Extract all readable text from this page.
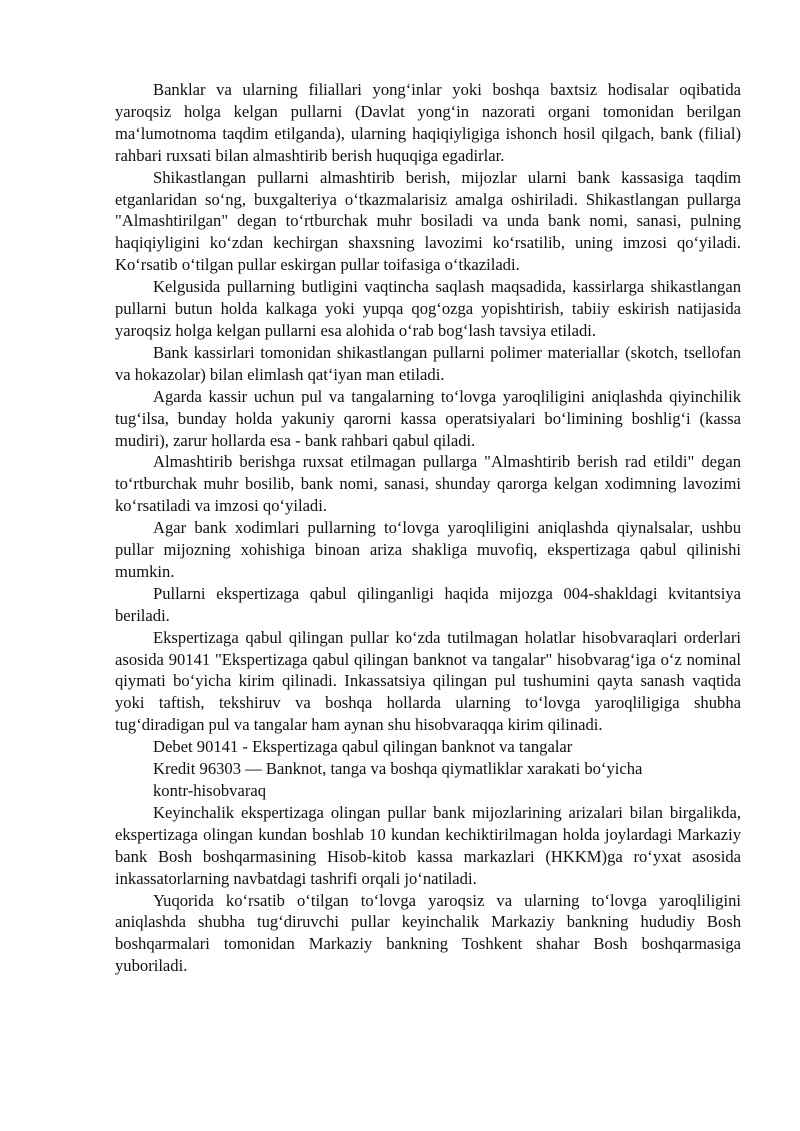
Banklar va ularning filiallari yong‘inlar yoki boshqa baxtsiz hodisalar oqibatida yaroqsiz holga kelgan pullarni (Davlat yong‘in nazorati organi tomonidan berilgan ma‘lumotnoma taqdim etilganda), ularning haqiqiyligiga ishonch hosil qilgach, bank (filial) rahbari ruxsati bilan almashtirib berish huquqiga egadirlar.

Shikastlangan pullarni almashtirib berish, mijozlar ularni bank kassasiga taqdim etganlaridan so‘ng, buxgalteriya o‘tkazmalarisiz amalga oshiriladi. Shikastlangan pullarga "Almashtirilgan" degan to‘rtburchak muhr bosiladi va unda bank nomi, sanasi, pulning haqiqiyligini ko‘zdan kechirgan shaxsning lavozimi ko‘rsatilib, uning imzosi qo‘yiladi. Ko‘rsatib o‘tilgan pullar eskirgan pullar toifasiga o‘tkaziladi.

Kelgusida pullarning butligini vaqtincha saqlash maqsadida, kassirlarga shikastlangan pullarni butun holda kalkaga yoki yupqa qog‘ozga yopishtirish, tabiiy eskirish natijasida yaroqsiz holga kelgan pullarni esa alohida o‘rab bog‘lash tavsiya etiladi.

Bank kassirlari tomonidan shikastlangan pullarni polimer materiallar (skotch, tsellofan va hokazolar) bilan elimlash qat‘iyan man etiladi.

Agarda kassir uchun pul va tangalarning to‘lovga yaroqliligini aniqlashda qiyinchilik tug‘ilsa, bunday holda yakuniy qarorni kassa operatsiyalari bo‘limining boshlig‘i (kassa mudiri), zarur hollarda esa - bank rahbari qabul qiladi.

Almashtirib berishga ruxsat etilmagan pullarga "Almashtirib berish rad etildi" degan to‘rtburchak muhr bosilib, bank nomi, sanasi, shunday qarorga kelgan xodimning lavozimi ko‘rsatiladi va imzosi qo‘yiladi.

Agar bank xodimlari pullarning to‘lovga yaroqliligini aniqlashda qiynalsalar, ushbu pullar mijozning xohishiga binoan ariza shakliga muvofiq, ekspertizaga qabul qilinishi mumkin.

Pullarni ekspertizaga qabul qilinganligi haqida mijozga 004-shakldagi kvitantsiya beriladi.

Ekspertizaga qabul qilingan pullar ko‘zda tutilmagan holatlar hisobvaraqlari orderlari asosida 90141 "Ekspertizaga qabul qilingan banknot va tangalar" hisobvarag‘iga o‘z nominal qiymati bo‘yicha kirim qilinadi. Inkassatsiya qilingan pul tushumini qayta sanash vaqtida yoki taftish, tekshiruv va boshqa hollarda ularning to‘lovga yaroqliligiga shubha tug‘diradigan pul va tangalar ham aynan shu hisobvaraqqa kirim qilinadi.

Debet 90141 - Ekspertizaga qabul qilingan banknot va tangalar

Kredit 96303 — Banknot, tanga va boshqa qiymatliklar xarakati bo‘yicha

kontr-hisobvaraq

Keyinchalik ekspertizaga olingan pullar bank mijozlarining arizalari bilan birgalikda, ekspertizaga olingan kundan boshlab 10 kundan kechiktirilmagan holda joylardagi Markaziy bank Bosh boshqarmasining Hisob-kitob kassa markazlari (HKKM)ga ro‘yxat asosida inkassatorlarning navbatdagi tashrifi orqali jo‘natiladi.

Yuqorida ko‘rsatib o‘tilgan to‘lovga yaroqsiz va ularning to‘lovga yaroqliligini aniqlashda shubha tug‘diruvchi pullar keyinchalik Markaziy bankning hududiy Bosh boshqarmalari tomonidan Markaziy bankning Toshkent shahar Bosh boshqarmasiga yuboriladi.
